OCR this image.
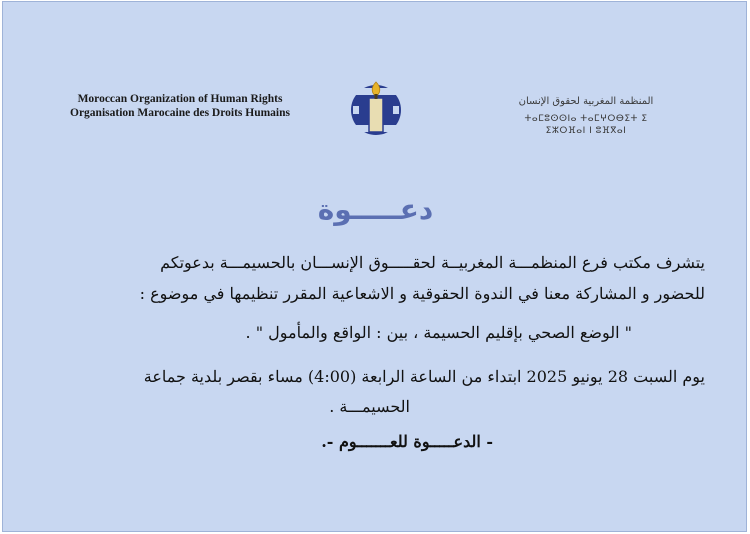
Moroccan Organization of Human Rights
Organisation Marocaine des Droits Humains
المنظمة المغربية لحقوق الإنسان
ⵜⴰⵎⵓⵙⵙⵏⴰ ⵜⴰⵎⵖⵔⴱⵉⵜ ⵉ ⵉⵣⵔⴼⴰⵏ ⵏ ⵓⴼⴳⴰⵏ
دعـــــوة
يتشرف مكتب فرع المنظمـــة المغربيــة لحقـــــوق الإنســـان بالحسيمـــة بدعوتكم
للحضور و المشاركة معنا في الندوة الحقوقية و الاشعاعية المقرر تنظيمها في موضوع :
" الوضع الصحي بإقليم الحسيمة ، بين : الواقع والمأمول " .
يوم السبت 28 يونيو 2025 ابتداء من الساعة الرابعة (4:00) مساء بقصر بلدية جماعة
الحسيمـــة .
- الدعـــــوة للعـــــــوم -.
